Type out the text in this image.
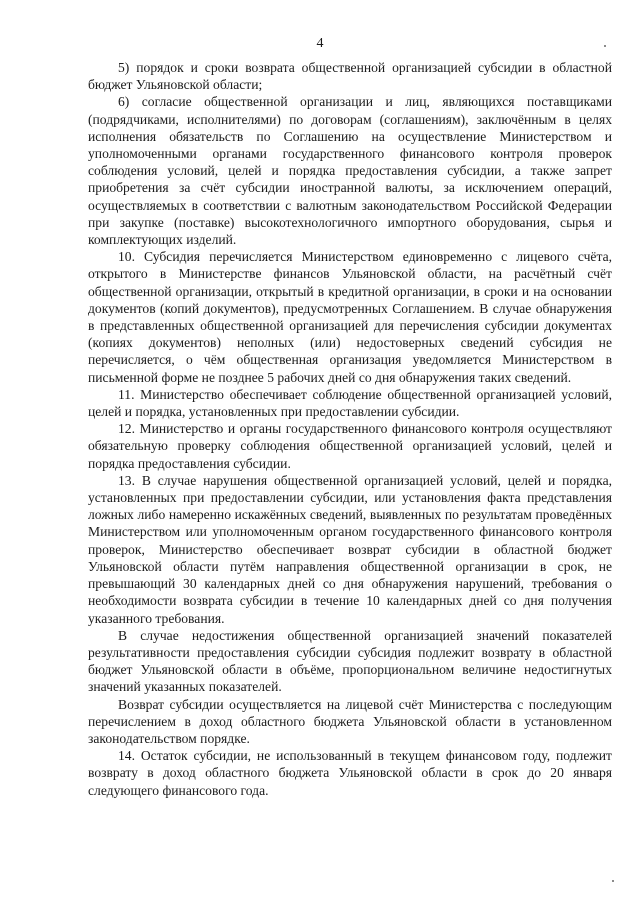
4

5) порядок и сроки возврата общественной организацией субсидии в областной бюджет Ульяновской области;

6) согласие общественной организации и лиц, являющихся поставщиками (подрядчиками, исполнителями) по договорам (соглашениям), заключённым в целях исполнения обязательств по Соглашению на осуществление Министерством и уполномоченными органами государственного финансового контроля проверок соблюдения условий, целей и порядка предоставления субсидии, а также запрет приобретения за счёт субсидии иностранной валюты, за исключением операций, осуществляемых в соответствии с валютным законодательством Российской Федерации при закупке (поставке) высокотехнологичного импортного оборудования, сырья и комплектующих изделий.

10. Субсидия перечисляется Министерством единовременно с лицевого счёта, открытого в Министерстве финансов Ульяновской области, на расчётный счёт общественной организации, открытый в кредитной организации, в сроки и на основании документов (копий документов), предусмотренных Соглашением. В случае обнаружения в представленных общественной организацией для перечисления субсидии документах (копиях документов) неполных (или) недостоверных сведений субсидия не перечисляется, о чём общественная организация уведомляется Министерством в письменной форме не позднее 5 рабочих дней со дня обнаружения таких сведений.

11. Министерство обеспечивает соблюдение общественной организацией условий, целей и порядка, установленных при предоставлении субсидии.

12. Министерство и органы государственного финансового контроля осуществляют обязательную проверку соблюдения общественной организацией условий, целей и порядка предоставления субсидии.

13. В случае нарушения общественной организацией условий, целей и порядка, установленных при предоставлении субсидии, или установления факта представления ложных либо намеренно искажённых сведений, выявленных по результатам проведённых Министерством или уполномоченным органом государственного финансового контроля проверок, Министерство обеспечивает возврат субсидии в областной бюджет Ульяновской области путём направления общественной организации в срок, не превышающий 30 календарных дней со дня обнаружения нарушений, требования о необходимости возврата субсидии в течение 10 календарных дней со дня получения указанного требования.

В случае недостижения общественной организацией значений показателей результативности предоставления субсидии субсидия подлежит возврату в областной бюджет Ульяновской области в объёме, пропорциональном величине недостигнутых значений указанных показателей.

Возврат субсидии осуществляется на лицевой счёт Министерства с последующим перечислением в доход областного бюджета Ульяновской области в установленном законодательством порядке.

14. Остаток субсидии, не использованный в текущем финансовом году, подлежит возврату в доход областного бюджета Ульяновской области в срок до 20 января следующего финансового года.
